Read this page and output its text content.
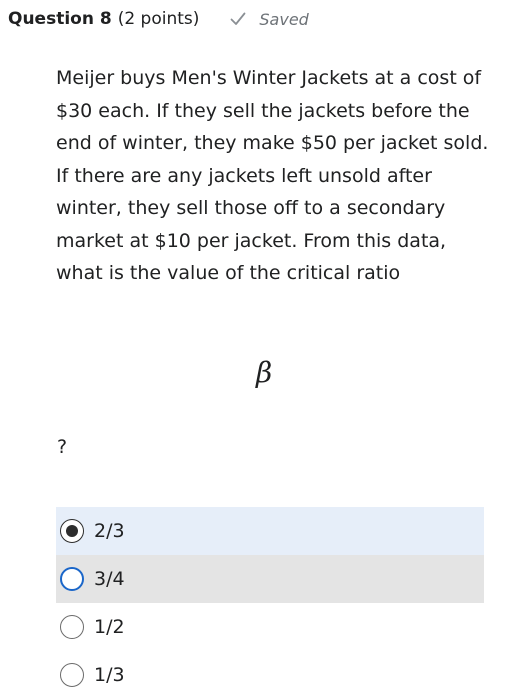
Question 8 (2 points)	Saved
Meijer buys Men's Winter Jackets at a cost of $30 each. If they sell the jackets before the end of winter, they make $50 per jacket sold. If there are any jackets left unsold after winter, they sell those off to a secondary market at $10 per jacket. From this data, what is the value of the critical ratio
β
?
2/3
3/4
1/2
1/3
